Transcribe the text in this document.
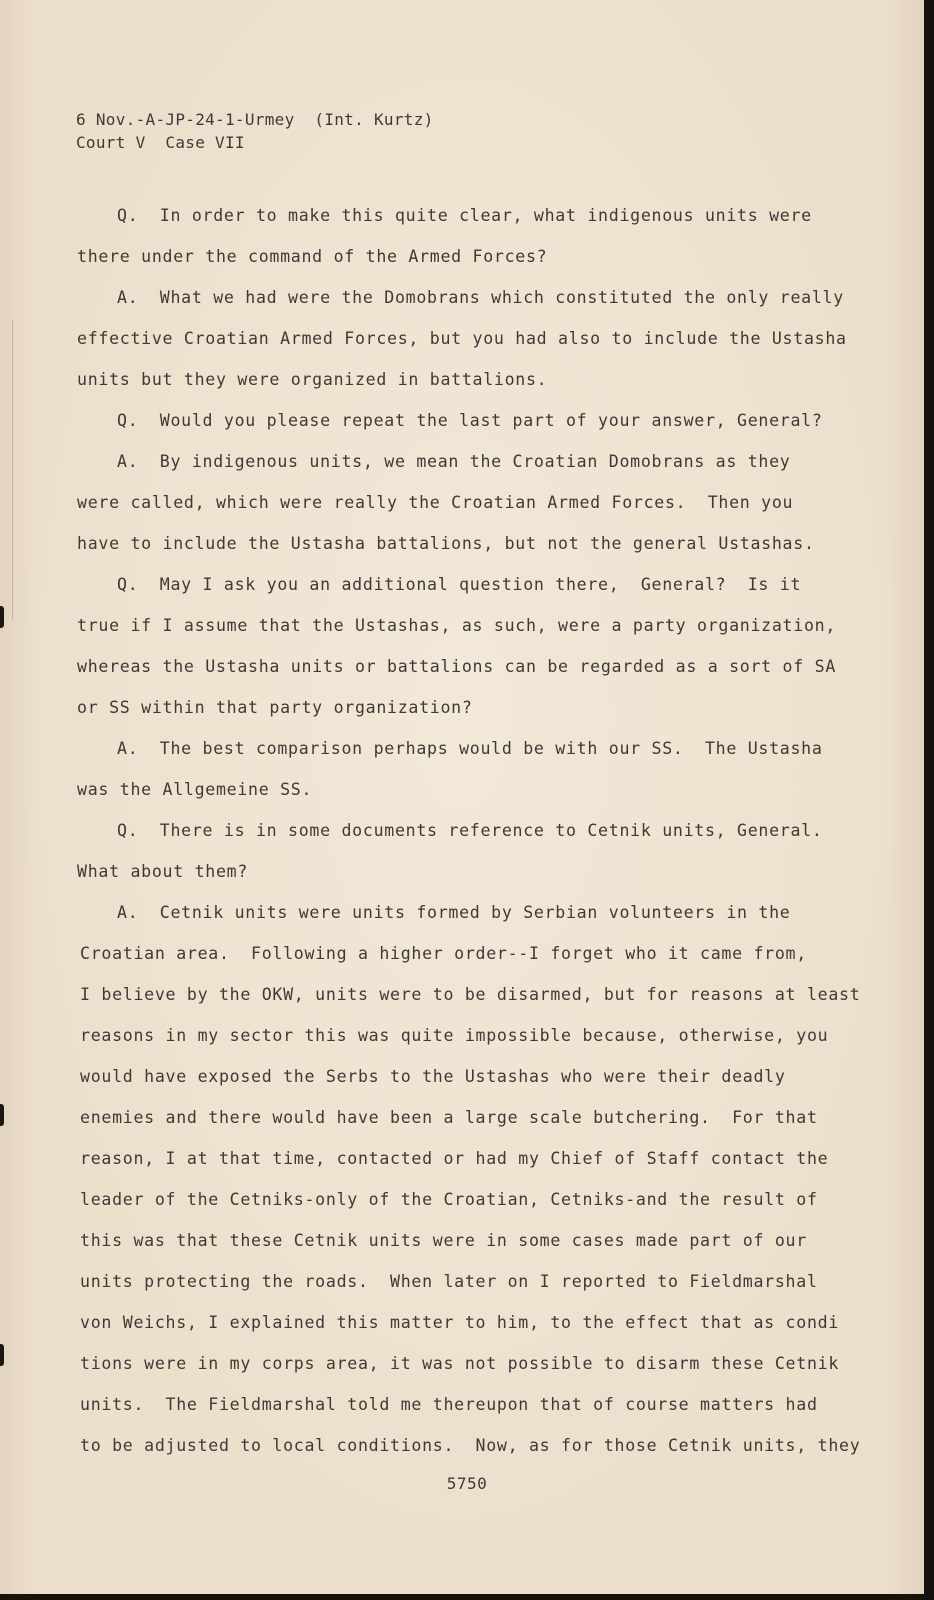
6 Nov.-A-JP-24-1-Urmey  (Int. Kurtz)
Court V  Case VII
Q.  In order to make this quite clear, what indigenous units were
there under the command of the Armed Forces?
A.  What we had were the Domobrans which constituted the only really
effective Croatian Armed Forces, but you had also to include the Ustasha
units but they were organized in battalions.
Q.  Would you please repeat the last part of your answer, General?
A.  By indigenous units, we mean the Croatian Domobrans as they
were called, which were really the Croatian Armed Forces.  Then you
have to include the Ustasha battalions, but not the general Ustashas.
Q.  May I ask you an additional question there,  General?  Is it
true if I assume that the Ustashas, as such, were a party organization,
whereas the Ustasha units or battalions can be regarded as a sort of SA
or SS within that party organization?
A.  The best comparison perhaps would be with our SS.  The Ustasha
was the Allgemeine SS.
Q.  There is in some documents reference to Cetnik units, General.
What about them?
A.  Cetnik units were units formed by Serbian volunteers in the
Croatian area.  Following a higher order--I forget who it came from,
I believe by the OKW, units were to be disarmed, but for reasons at least
reasons in my sector this was quite impossible because, otherwise, you
would have exposed the Serbs to the Ustashas who were their deadly
enemies and there would have been a large scale butchering.  For that
reason, I at that time, contacted or had my Chief of Staff contact the
leader of the Cetniks-only of the Croatian, Cetniks-and the result of
this was that these Cetnik units were in some cases made part of our
units protecting the roads.  When later on I reported to Fieldmarshal
von Weichs, I explained this matter to him, to the effect that as condi
tions were in my corps area, it was not possible to disarm these Cetnik
units.  The Fieldmarshal told me thereupon that of course matters had
to be adjusted to local conditions.  Now, as for those Cetnik units, they
5750
